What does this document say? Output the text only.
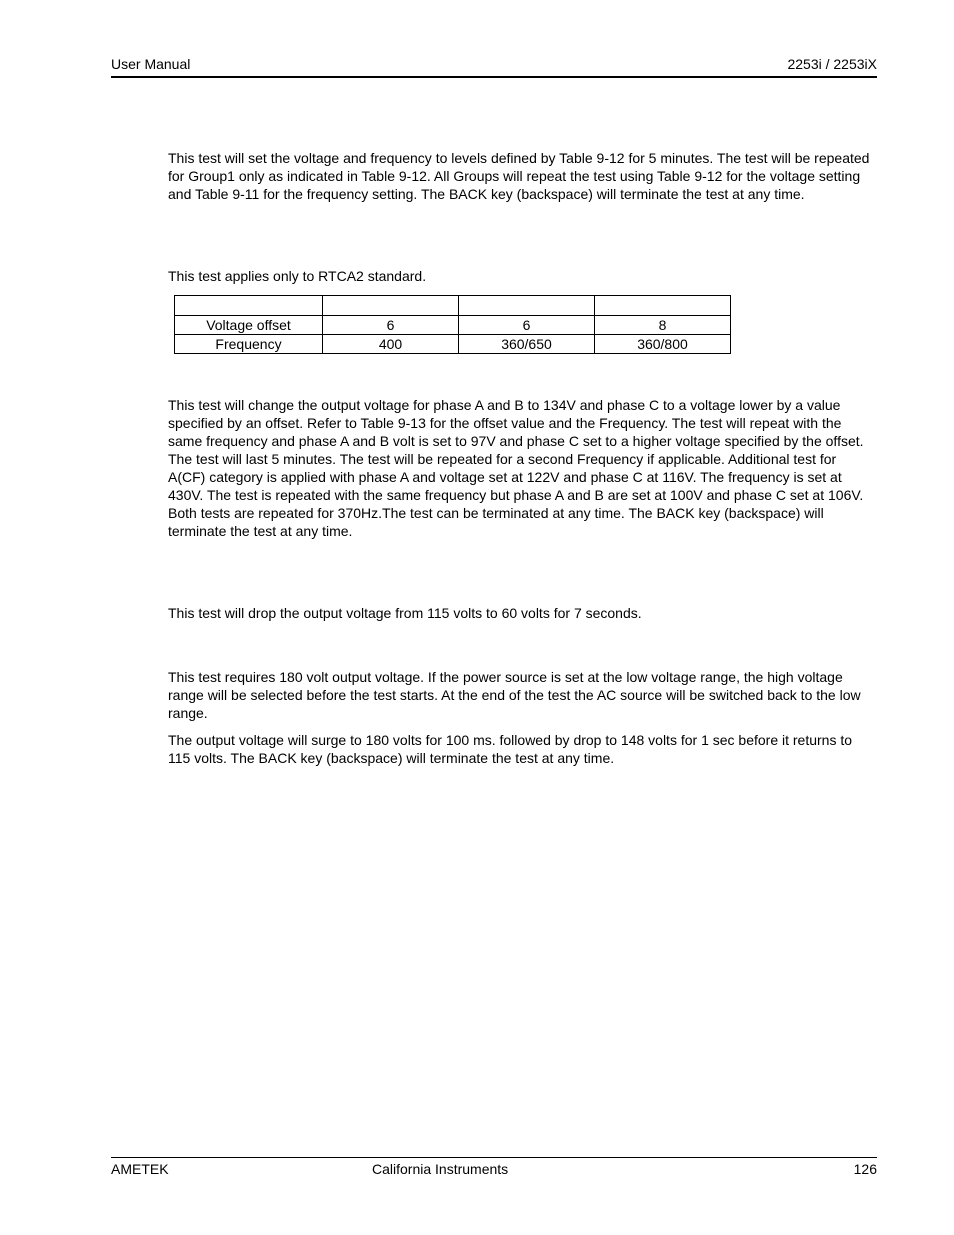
User Manual	2253i / 2253iX

This test will set the voltage and frequency to levels defined by Table 9-12 for 5 minutes. The test will be repeated for Group1 only as indicated in Table 9-12. All Groups will repeat the test using Table 9-12 for the voltage setting and Table 9-11 for the frequency setting. The BACK key (backspace) will terminate the test at any time.

This test applies only to RTCA2 standard.

Voltage offset	6	6	8
Frequency	400	360/650	360/800

This test will change the output voltage for phase A and B to 134V and phase C to a voltage lower by a value specified by an offset. Refer to Table 9-13 for the offset value and the Frequency. The test will repeat with the same frequency and phase A and B volt is set to 97V and phase C set to a higher voltage specified by the offset. The test will last 5 minutes. The test will be repeated for a second Frequency if applicable. Additional test for A(CF) category is applied with phase A and voltage set at 122V and phase C at 116V. The frequency is set at 430V. The test is repeated with the same frequency but phase A and B are set at 100V and phase C set at 106V. Both tests are repeated for 370Hz.The test can be terminated at any time. The BACK key (backspace) will terminate the test at any time.

This test will drop the output voltage from 115 volts to 60 volts for 7 seconds.

This test requires 180 volt output voltage. If the power source is set at the low voltage range, the high voltage range will be selected before the test starts. At the end of the test the AC source will be switched back to the low range.

The output voltage will surge to 180 volts for 100 ms. followed by drop to 148 volts for 1 sec before it returns to 115 volts. The BACK key (backspace) will terminate the test at any time.

AMETEK	California Instruments	126
